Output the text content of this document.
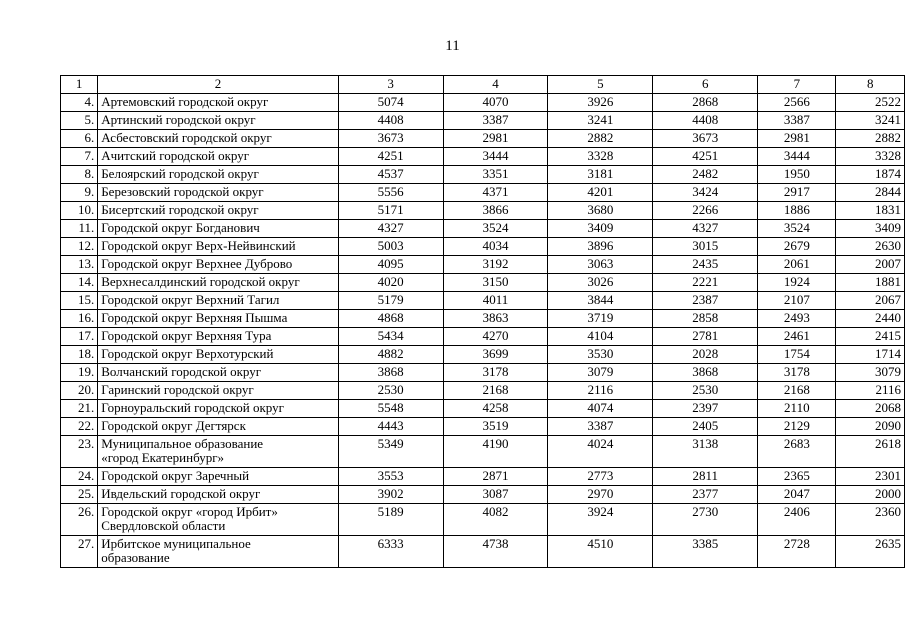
11
1	2	3	4	5	6	7	8
4.	Артемовский городской округ	5074	4070	3926	2868	2566	2522
5.	Артинский городской округ	4408	3387	3241	4408	3387	3241
6.	Асбестовский городской округ	3673	2981	2882	3673	2981	2882
7.	Ачитский городской округ	4251	3444	3328	4251	3444	3328
8.	Белоярский городской округ	4537	3351	3181	2482	1950	1874
9.	Березовский городской округ	5556	4371	4201	3424	2917	2844
10.	Бисертский городской округ	5171	3866	3680	2266	1886	1831
11.	Городской округ Богданович	4327	3524	3409	4327	3524	3409
12.	Городской округ Верх-Нейвинский	5003	4034	3896	3015	2679	2630
13.	Городской округ Верхнее Дуброво	4095	3192	3063	2435	2061	2007
14.	Верхнесалдинский городской округ	4020	3150	3026	2221	1924	1881
15.	Городской округ Верхний Тагил	5179	4011	3844	2387	2107	2067
16.	Городской округ Верхняя Пышма	4868	3863	3719	2858	2493	2440
17.	Городской округ Верхняя Тура	5434	4270	4104	2781	2461	2415
18.	Городской округ Верхотурский	4882	3699	3530	2028	1754	1714
19.	Волчанский городской округ	3868	3178	3079	3868	3178	3079
20.	Гаринский городской округ	2530	2168	2116	2530	2168	2116
21.	Горноуральский городской округ	5548	4258	4074	2397	2110	2068
22.	Городской округ Дегтярск	4443	3519	3387	2405	2129	2090
23.	Муниципальное образование
«город Екатеринбург»	5349	4190	4024	3138	2683	2618
24.	Городской округ Заречный	3553	2871	2773	2811	2365	2301
25.	Ивдельский городской округ	3902	3087	2970	2377	2047	2000
26.	Городской округ «город Ирбит»
Свердловской области	5189	4082	3924	2730	2406	2360
27.	Ирбитское муниципальное
образование	6333	4738	4510	3385	2728	2635
